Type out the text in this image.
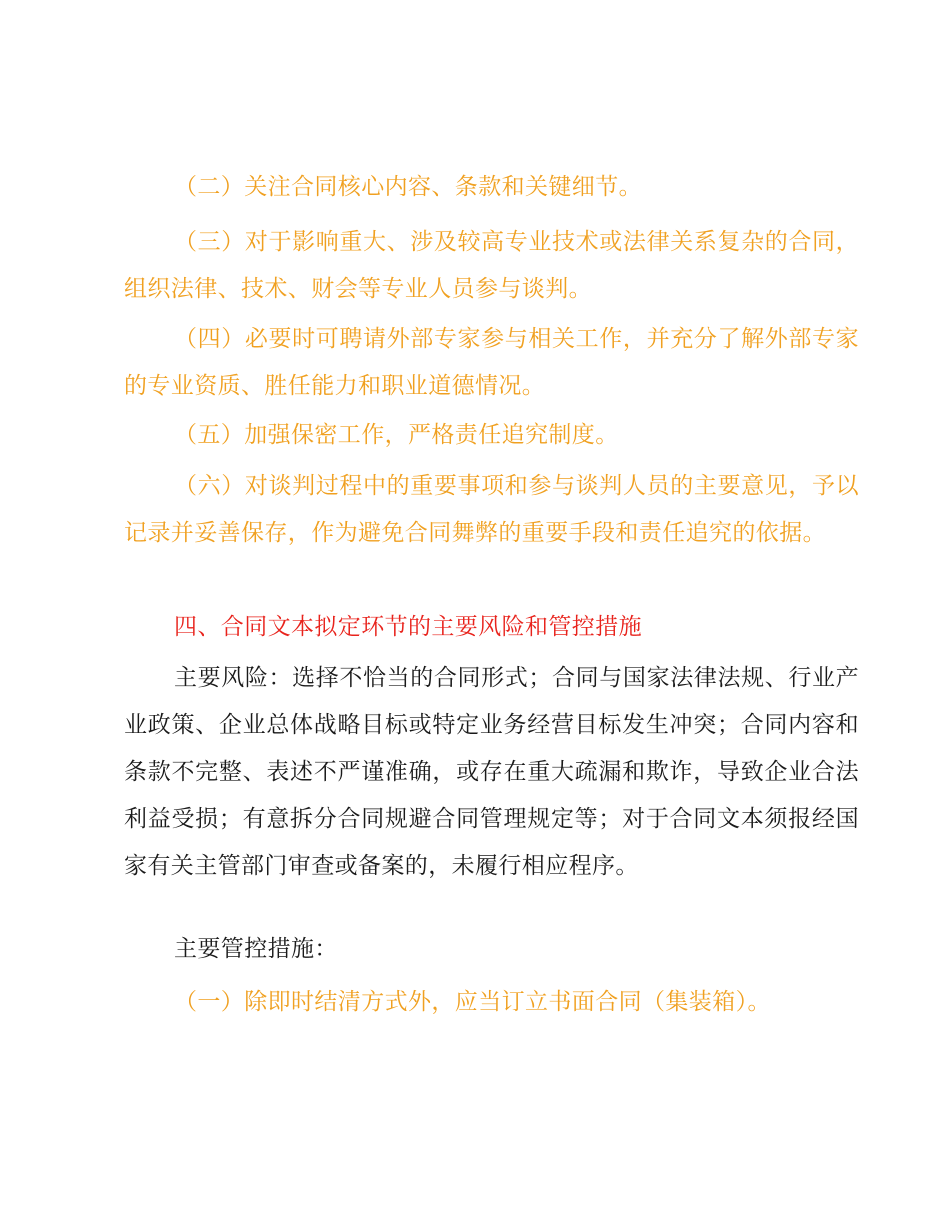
（二）关注合同核心内容、条款和关键细节。

（三）对于影响重大、涉及较高专业技术或法律关系复杂的合同，组织法律、技术、财会等专业人员参与谈判。

（四）必要时可聘请外部专家参与相关工作，并充分了解外部专家的专业资质、胜任能力和职业道德情况。

（五）加强保密工作，严格责任追究制度。

（六）对谈判过程中的重要事项和参与谈判人员的主要意见，予以记录并妥善保存，作为避免合同舞弊的重要手段和责任追究的依据。

四、合同文本拟定环节的主要风险和管控措施

主要风险：选择不恰当的合同形式；合同与国家法律法规、行业产业政策、企业总体战略目标或特定业务经营目标发生冲突；合同内容和条款不完整、表述不严谨准确，或存在重大疏漏和欺诈，导致企业合法利益受损；有意拆分合同规避合同管理规定等；对于合同文本须报经国家有关主管部门审查或备案的，未履行相应程序。

主要管控措施：

（一）除即时结清方式外，应当订立书面合同（集装箱）。
